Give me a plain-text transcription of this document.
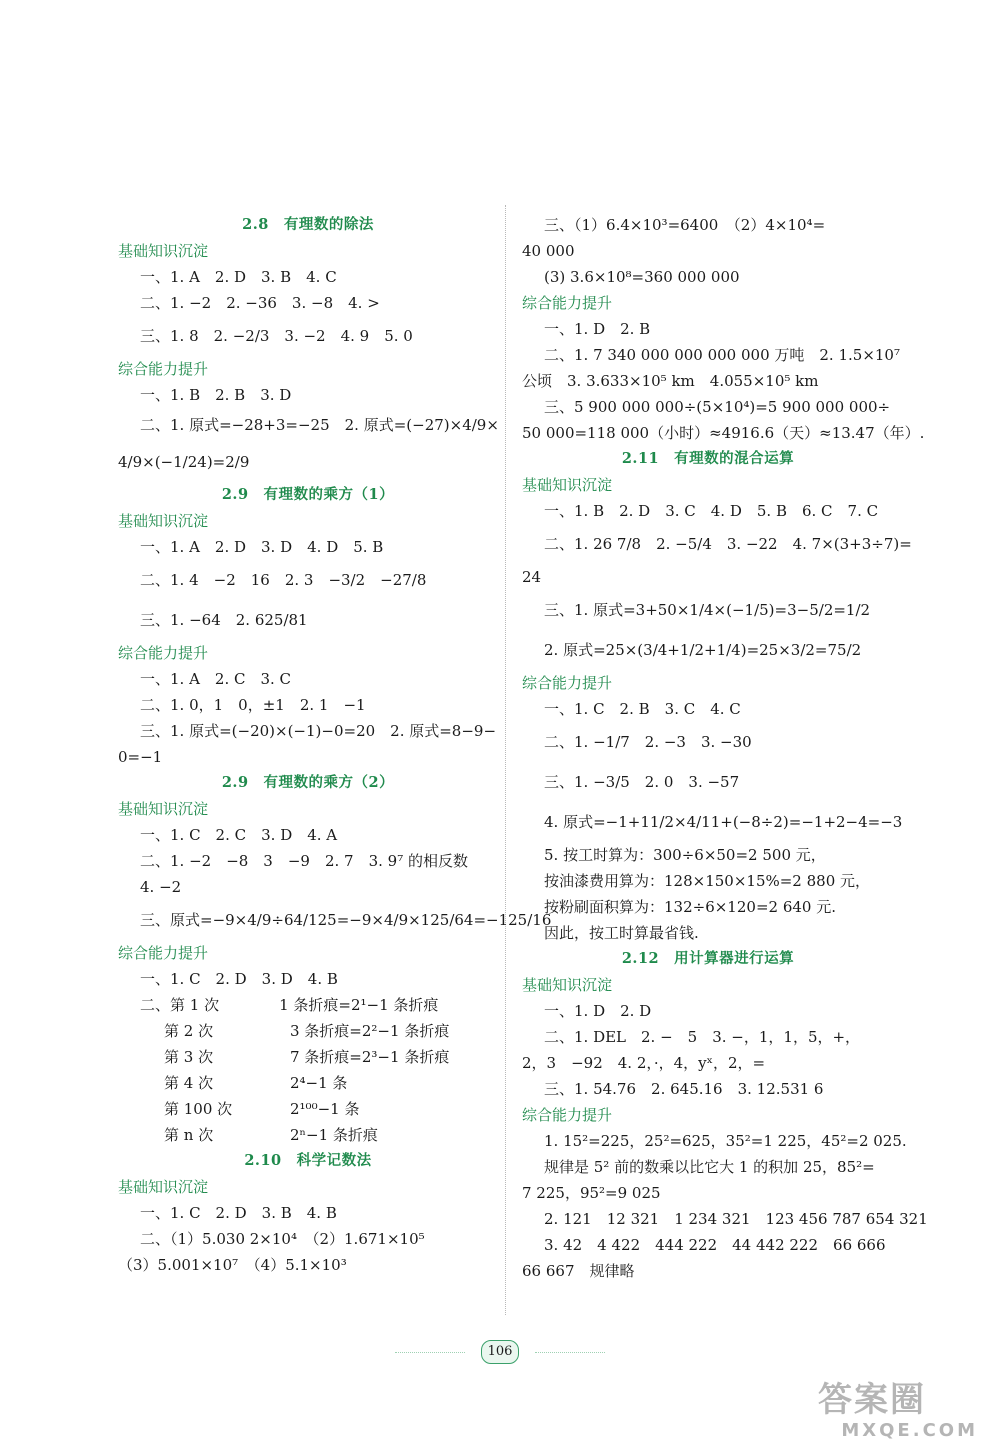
2.8　有理数的除法
基础知识沉淀
一、1. A　2. D　3. B　4. C
二、1. −2　2. −36　3. −8　4. >
三、1. 8　2. −2/3　3. −2　4. 9　5. 0
综合能力提升
一、1. B　2. B　3. D
二、1. 原式=−28+3=−25　2. 原式=(−27)×4/9×
4/9×(−1/24)=2/9
2.9　有理数的乘方（1）
基础知识沉淀
一、1. A　2. D　3. D　4. D　5. B
二、1. 4　−2　16　2. 3　−3/2　−27/8
三、1. −64　2. 625/81
综合能力提升
一、1. A　2. C　3. C
二、1. 0，1　0，±1　2. 1　−1
三、1. 原式=(−20)×(−1)−0=20　2. 原式=8−9−
0=−1
2.9　有理数的乘方（2）
基础知识沉淀
一、1. C　2. C　3. D　4. A
二、1. −2　−8　3　−9　2. 7　3. 9⁷ 的相反数
4. −2
三、原式=−9×4/9÷64/125=−9×4/9×125/64=−125/16
综合能力提升
一、1. C　2. D　3. D　4. B
二、第 1 次　　　　1 条折痕=2¹−1 条折痕
第 2 次	3 条折痕=2²−1 条折痕
第 3 次	7 条折痕=2³−1 条折痕
第 4 次	2⁴−1 条
第 100 次	2¹⁰⁰−1 条
第 n 次	2ⁿ−1 条折痕
2.10　科学记数法
基础知识沉淀
一、1. C　2. D　3. B　4. B
二、（1）5.030 2×10⁴　（2）1.671×10⁵
（3）5.001×10⁷　（4）5.1×10³
三、（1）6.4×10³=6400　（2）4×10⁴=
40 000
(3) 3.6×10⁸=360 000 000
综合能力提升
一、1. D　2. B
二、1. 7 340 000 000 000 000 万吨　2. 1.5×10⁷
公顷　3. 3.633×10⁵ km　4.055×10⁵ km
三、5 900 000 000÷(5×10⁴)=5 900 000 000÷
50 000=118 000（小时）≈4916.6（天）≈13.47（年）.
2.11　有理数的混合运算
基础知识沉淀
一、1. B　2. D　3. C　4. D　5. B　6. C　7. C
二、1. 26 7/8　2. −5/4　3. −22　4. 7×(3+3÷7)=
24
三、1. 原式=3+50×1/4×(−1/5)=3−5/2=1/2
2. 原式=25×(3/4+1/2+1/4)=25×3/2=75/2
综合能力提升
一、1. C　2. B　3. C　4. C
二、1. −1/7　2. −3　3. −30
三、1. −3/5　2. 0　3. −57
4. 原式=−1+11/2×4/11+(−8÷2)=−1+2−4=−3
5. 按工时算为：300÷6×50=2 500 元，
按油漆费用算为：128×150×15%=2 880 元，
按粉刷面积算为：132÷6×120=2 640 元.
因此，按工时算最省钱.
2.12　用计算器进行运算
基础知识沉淀
一、1. D　2. D
二、1. DEL　2. −　5　3. −，1，1，5，+，
2，3　−92　4. 2，·，4，yˣ，2，=
三、1. 54.76　2. 645.16　3. 12.531 6
综合能力提升
1. 15²=225，25²=625，35²=1 225，45²=2 025.
规律是 5² 前的数乘以比它大 1 的积加 25，85²=
7 225，95²=9 025
2. 121　12 321　1 234 321　123 456 787 654 321
3. 42　4 422　444 222　44 442 222　66 666
66 667　规律略
106
答案圈
MXQE.COM
